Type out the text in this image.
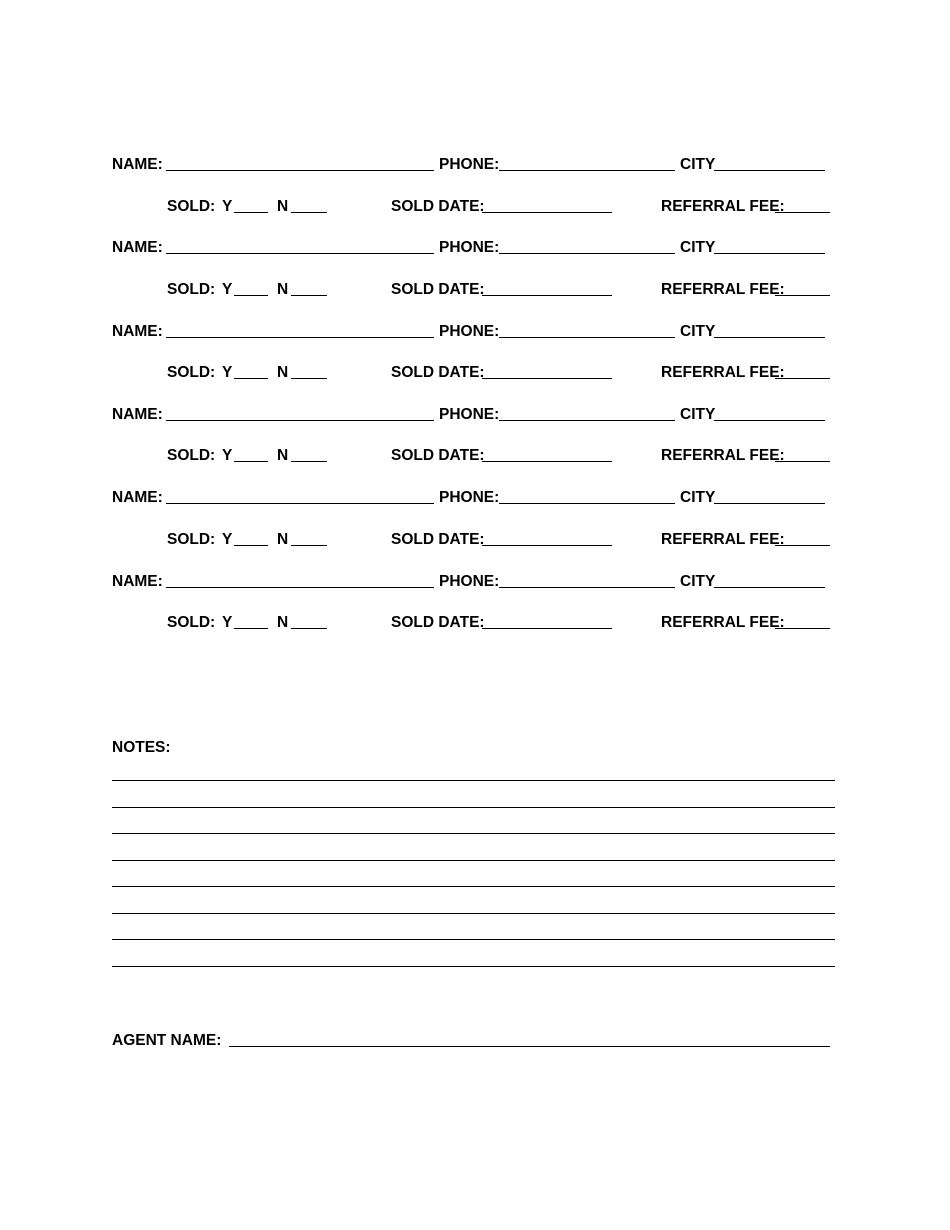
NAME:	PHONE:	CITY
SOLD: Y	N	SOLD DATE:	REFERRAL FEE:
NAME:	PHONE:	CITY
SOLD: Y	N	SOLD DATE:	REFERRAL FEE:
NAME:	PHONE:	CITY
SOLD: Y	N	SOLD DATE:	REFERRAL FEE:
NAME:	PHONE:	CITY
SOLD: Y	N	SOLD DATE:	REFERRAL FEE:
NAME:	PHONE:	CITY
SOLD: Y	N	SOLD DATE:	REFERRAL FEE:
NAME:	PHONE:	CITY
SOLD: Y	N	SOLD DATE:	REFERRAL FEE:
NOTES:
AGENT NAME:
